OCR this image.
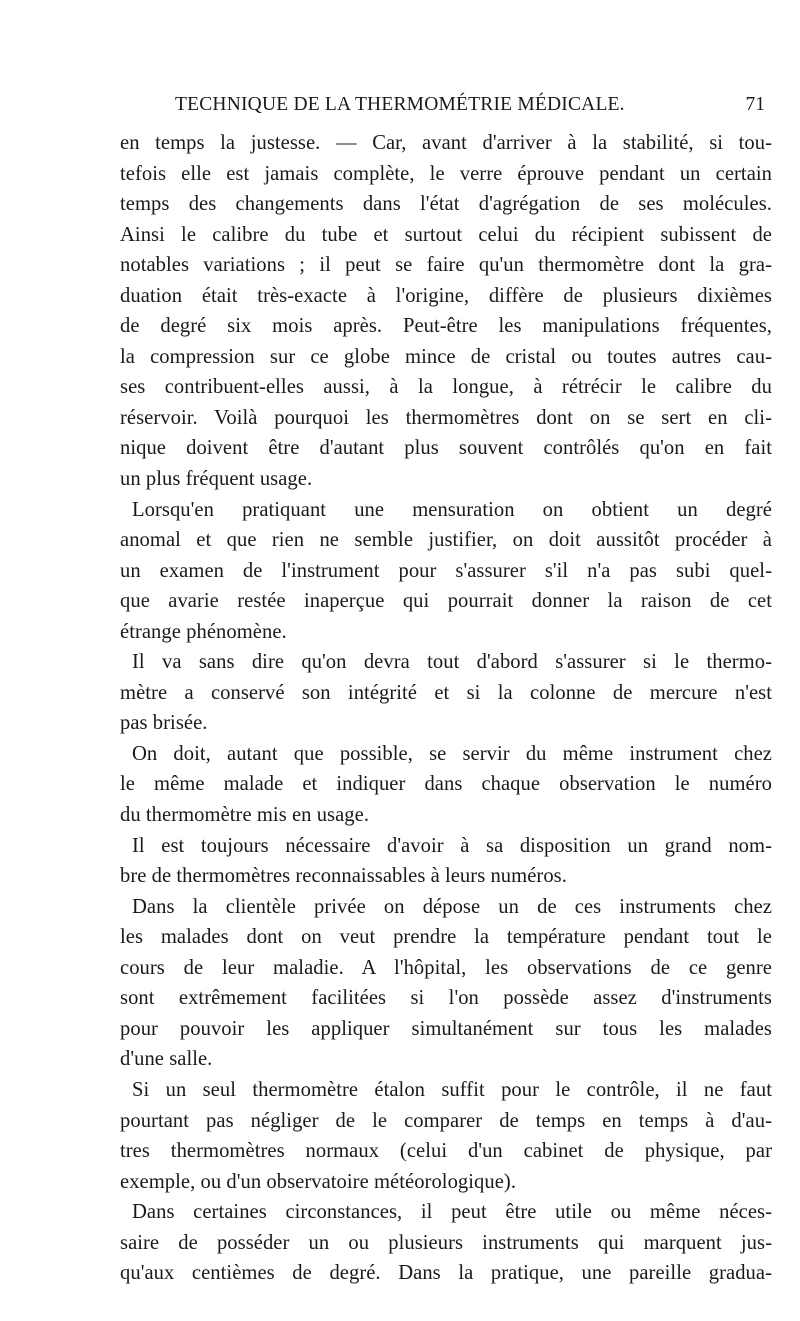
TECHNIQUE DE LA THERMOMÉTRIE MÉDICALE.	71
en temps la justesse. — Car, avant d'arriver à la stabilité, si tou-
tefois elle est jamais complète, le verre éprouve pendant un certain
temps des changements dans l'état d'agrégation de ses molécules.
Ainsi le calibre du tube et surtout celui du récipient subissent de
notables variations ; il peut se faire qu'un thermomètre dont la gra-
duation était très-exacte à l'origine, diffère de plusieurs dixièmes
de degré six mois après. Peut-être les manipulations fréquentes,
la compression sur ce globe mince de cristal ou toutes autres cau-
ses contribuent-elles aussi, à la longue, à rétrécir le calibre du
réservoir. Voilà pourquoi les thermomètres dont on se sert en cli-
nique doivent être d'autant plus souvent contrôlés qu'on en fait
un plus fréquent usage.
Lorsqu'en pratiquant une mensuration on obtient un degré
anomal et que rien ne semble justifier, on doit aussitôt procéder à
un examen de l'instrument pour s'assurer s'il n'a pas subi quel-
que avarie restée inaperçue qui pourrait donner la raison de cet
étrange phénomène.
Il va sans dire qu'on devra tout d'abord s'assurer si le thermo-
mètre a conservé son intégrité et si la colonne de mercure n'est
pas brisée.
On doit, autant que possible, se servir du même instrument chez
le même malade et indiquer dans chaque observation le numéro
du thermomètre mis en usage.
Il est toujours nécessaire d'avoir à sa disposition un grand nom-
bre de thermomètres reconnaissables à leurs numéros.
Dans la clientèle privée on dépose un de ces instruments chez
les malades dont on veut prendre la température pendant tout le
cours de leur maladie. A l'hôpital, les observations de ce genre
sont extrêmement facilitées si l'on possède assez d'instruments
pour pouvoir les appliquer simultanément sur tous les malades
d'une salle.
Si un seul thermomètre étalon suffit pour le contrôle, il ne faut
pourtant pas négliger de le comparer de temps en temps à d'au-
tres thermomètres normaux (celui d'un cabinet de physique, par
exemple, ou d'un observatoire météorologique).
Dans certaines circonstances, il peut être utile ou même néces-
saire de posséder un ou plusieurs instruments qui marquent jus-
qu'aux centièmes de degré. Dans la pratique, une pareille gradua-
